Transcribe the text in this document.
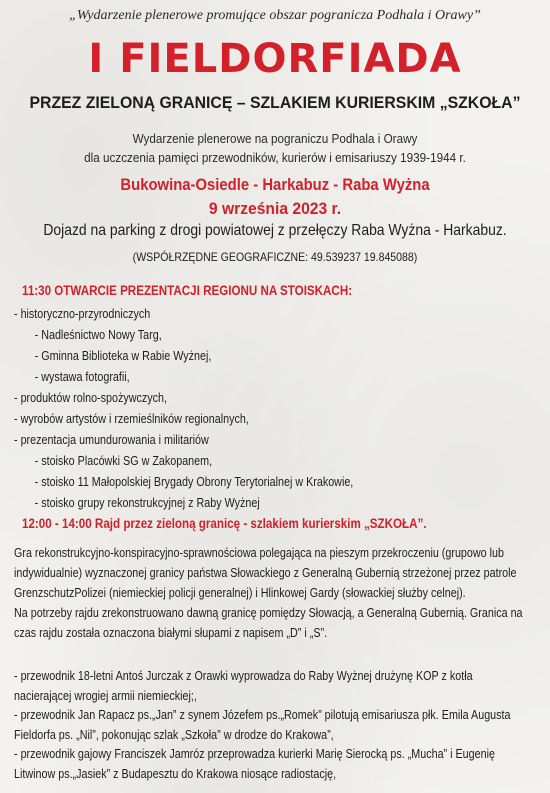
„Wydarzenie plenerowe promujące obszar pogranicza Podhala i Orawy”
I FIELDORFIADA
PRZEZ ZIELONĄ GRANICĘ – SZLAKIEM KURIERSKIM „SZKOŁA”
Wydarzenie plenerowe na pograniczu Podhala i Orawy
dla uczczenia pamięci przewodników, kurierów i emisariuszy 1939-1944 r.
Bukowina-Osiedle - Harkabuz - Raba Wyżna
9 września 2023 r.
Dojazd na parking z drogi powiatowej z przełęczy Raba Wyżna - Harkabuz.
(WSPÓŁRZĘDNE GEOGRAFICZNE: 49.539237 19.845088)
11:30 OTWARCIE PREZENTACJI REGIONU NA STOISKACH:
- historyczno-przyrodniczych
- Nadleśnictwo Nowy Targ,
- Gminna Biblioteka w Rabie Wyżnej,
- wystawa fotografii,
- produktów rolno-spożywczych,
- wyrobów artystów i rzemieślników regionalnych,
- prezentacja umundurowania i militariów
- stoisko Placówki SG w Zakopanem,
- stoisko 11 Małopolskiej Brygady Obrony Terytorialnej w Krakowie,
- stoisko grupy rekonstrukcyjnej z Raby Wyżnej
12:00 - 14:00 Rajd przez zieloną granicę - szlakiem kurierskim „SZKOŁA”.

Gra rekonstrukcyjno-konspiracyjno-sprawnościowa polegająca na pieszym przekroczeniu (grupowo lub

indywidualnie) wyznaczonej granicy państwa Słowackiego z Generalną Gubernią strzeżonej przez patrole

GrenzschutzPolizei (niemieckiej policji generalnej) i Hlinkowej Gardy (słowackiej służby celnej).

Na potrzeby rajdu zrekonstruowano dawną granicę pomiędzy Słowacją, a Generalną Gubernią. Granica na

czas rajdu została oznaczona białymi słupami z napisem „D” i „S”.

- przewodnik 18-letni Antoś Jurczak z Orawki wyprowadza do Raby Wyżnej drużynę KOP z kotła

nacierającej wrogiej armii niemieckiej;,

- przewodnik Jan Rapacz ps.„Jan” z synem Józefem ps.„Romek” pilotują emisariusza płk. Emila Augusta

Fieldorfa ps. „Nil”, pokonując szlak „Szkoła” w drodze do Krakowa”,

- przewodnik gajowy Franciszek Jamróz przeprowadza kurierki Marię Sierocką ps. „Mucha” i Eugenię

Litwinow ps.„Jasiek” z Budapesztu do Krakowa niosące radiostację,
